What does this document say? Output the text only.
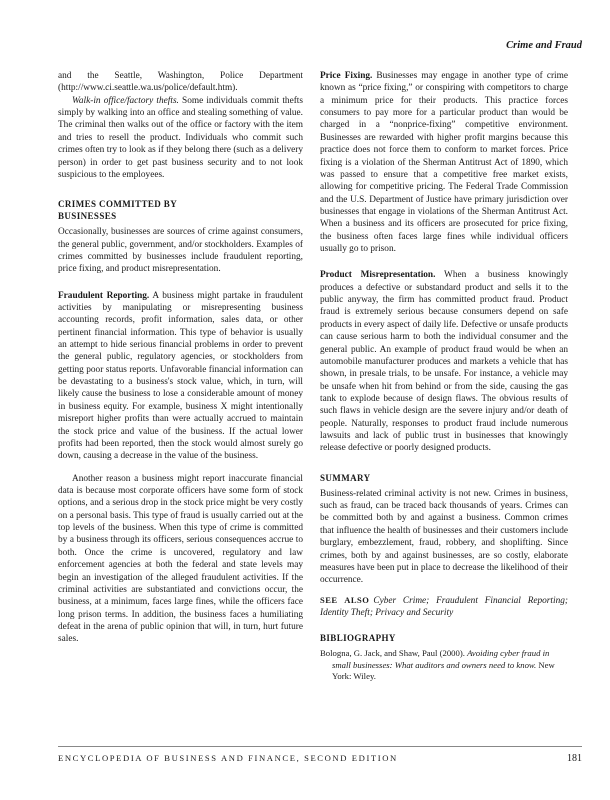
Crime and Fraud

and the Seattle, Washington, Police Department (http://www.ci.seattle.wa.us/police/default.htm).

Walk-in office/factory thefts. Some individuals commit thefts simply by walking into an office and stealing something of value. The criminal then walks out of the office or factory with the item and tries to resell the product. Individuals who commit such crimes often try to look as if they belong there (such as a delivery person) in order to get past business security and to not look suspicious to the employees.

CRIMES COMMITTED BY
BUSINESSES

Occasionally, businesses are sources of crime against consumers, the general public, government, and/or stockholders. Examples of crimes committed by businesses include fraudulent reporting, price fixing, and product misrepresentation.

Fraudulent Reporting. A business might partake in fraudulent activities by manipulating or misrepresenting business accounting records, profit information, sales data, or other pertinent financial information. This type of behavior is usually an attempt to hide serious financial problems in order to prevent the general public, regulatory agencies, or stockholders from getting poor status reports. Unfavorable financial information can be devastating to a business's stock value, which, in turn, will likely cause the business to lose a considerable amount of money in business equity. For example, business X might intentionally misreport higher profits than were actually accrued to maintain the stock price and value of the business. If the actual lower profits had been reported, then the stock would almost surely go down, causing a decrease in the value of the business.

Another reason a business might report inaccurate financial data is because most corporate officers have some form of stock options, and a serious drop in the stock price might be very costly on a personal basis. This type of fraud is usually carried out at the top levels of the business. When this type of crime is committed by a business through its officers, serious consequences accrue to both. Once the crime is uncovered, regulatory and law enforcement agencies at both the federal and state levels may begin an investigation of the alleged fraudulent activities. If the criminal activities are substantiated and convictions occur, the business, at a minimum, faces large fines, while the officers face long prison terms. In addition, the business faces a humiliating defeat in the arena of public opinion that will, in turn, hurt future sales.

Price Fixing. Businesses may engage in another type of crime known as “price fixing,” or conspiring with competitors to charge a minimum price for their products. This practice forces consumers to pay more for a particular product than would be charged in a “nonprice-fixing” competitive environment. Businesses are rewarded with higher profit margins because this practice does not force them to conform to market forces. Price fixing is a violation of the Sherman Antitrust Act of 1890, which was passed to ensure that a competitive free market exists, allowing for competitive pricing. The Federal Trade Commission and the U.S. Department of Justice have primary jurisdiction over businesses that engage in violations of the Sherman Antitrust Act. When a business and its officers are prosecuted for price fixing, the business often faces large fines while individual officers usually go to prison.

Product Misrepresentation. When a business knowingly produces a defective or substandard product and sells it to the public anyway, the firm has committed product fraud. Product fraud is extremely serious because consumers depend on safe products in every aspect of daily life. Defective or unsafe products can cause serious harm to both the individual consumer and the general public. An example of product fraud would be when an automobile manufacturer produces and markets a vehicle that has shown, in presale trials, to be unsafe. For instance, a vehicle may be unsafe when hit from behind or from the side, causing the gas tank to explode because of design flaws. The obvious results of such flaws in vehicle design are the severe injury and/or death of people. Naturally, responses to product fraud include numerous lawsuits and lack of public trust in businesses that knowingly release defective or poorly designed products.

SUMMARY

Business-related criminal activity is not new. Crimes in business, such as fraud, can be traced back thousands of years. Crimes can be committed both by and against a business. Common crimes that influence the health of businesses and their customers include burglary, embezzlement, fraud, robbery, and shoplifting. Since crimes, both by and against businesses, are so costly, elaborate measures have been put in place to decrease the likelihood of their occurrence.

SEE ALSO Cyber Crime; Fraudulent Financial Reporting; Identity Theft; Privacy and Security

BIBLIOGRAPHY

Bologna, G. Jack, and Shaw, Paul (2000). Avoiding cyber fraud in small businesses: What auditors and owners need to know. New York: Wiley.

ENCYCLOPEDIA OF BUSINESS AND FINANCE, SECOND EDITION	181
